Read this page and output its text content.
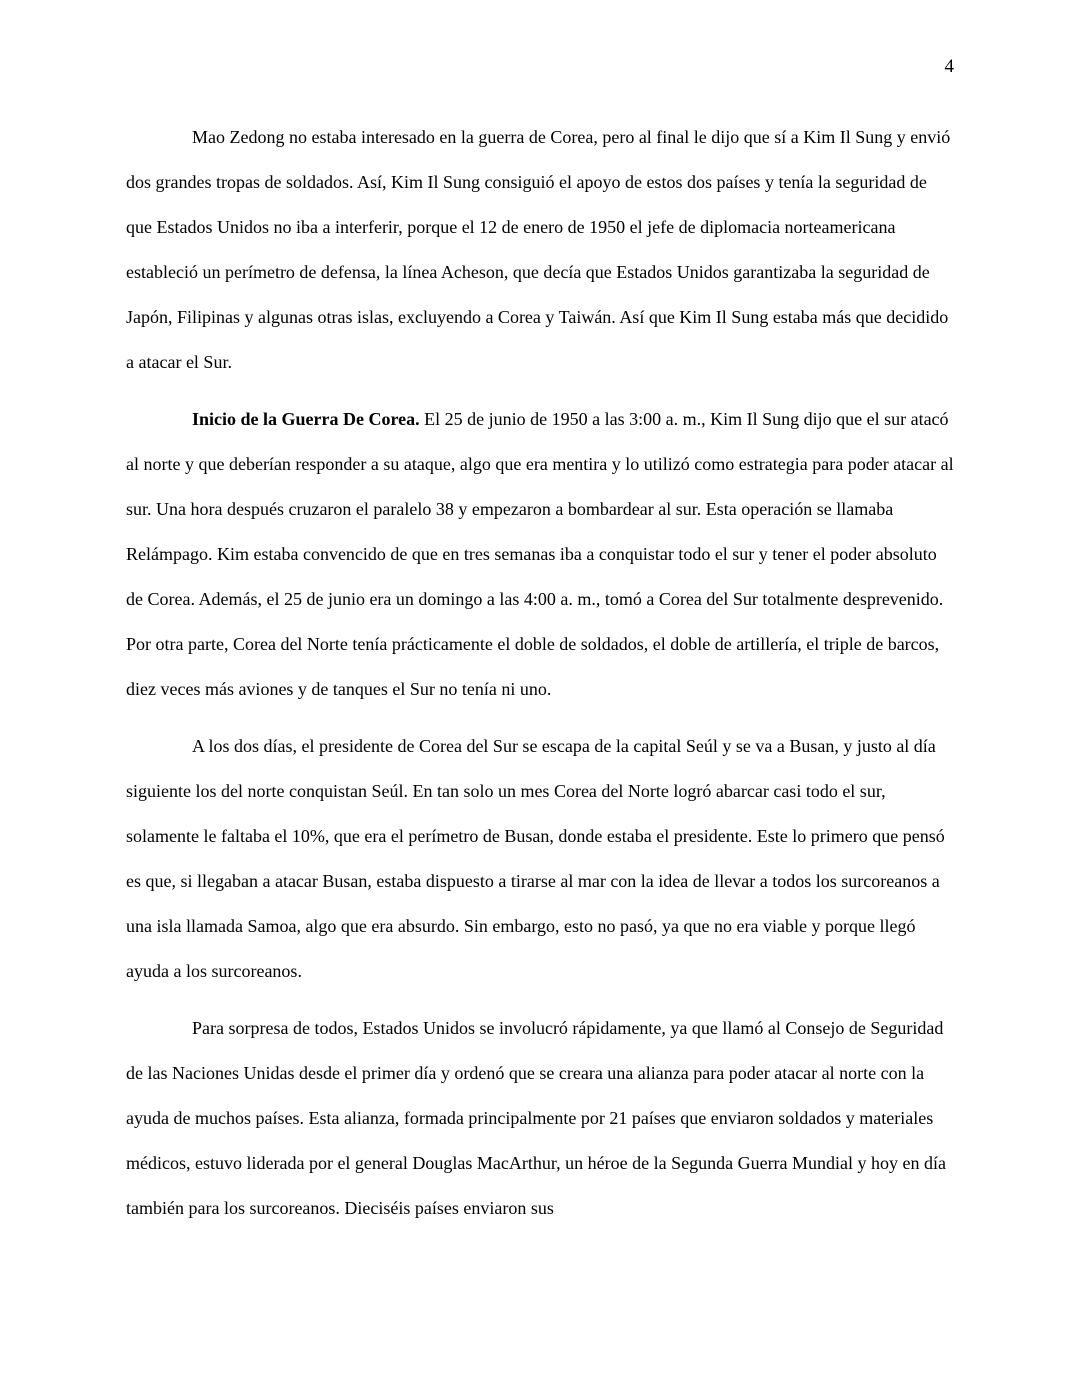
4

Mao Zedong no estaba interesado en la guerra de Corea, pero al final le dijo que sí a Kim Il Sung y envió dos grandes tropas de soldados. Así, Kim Il Sung consiguió el apoyo de estos dos países y tenía la seguridad de que Estados Unidos no iba a interferir, porque el 12 de enero de 1950 el jefe de diplomacia norteamericana estableció un perímetro de defensa, la línea Acheson, que decía que Estados Unidos garantizaba la seguridad de Japón, Filipinas y algunas otras islas, excluyendo a Corea y Taiwán. Así que Kim Il Sung estaba más que decidido a atacar el Sur.

Inicio de la Guerra De Corea. El 25 de junio de 1950 a las 3:00 a. m., Kim Il Sung dijo que el sur atacó al norte y que deberían responder a su ataque, algo que era mentira y lo utilizó como estrategia para poder atacar al sur. Una hora después cruzaron el paralelo 38 y empezaron a bombardear al sur. Esta operación se llamaba Relámpago. Kim estaba convencido de que en tres semanas iba a conquistar todo el sur y tener el poder absoluto de Corea. Además, el 25 de junio era un domingo a las 4:00 a. m., tomó a Corea del Sur totalmente desprevenido. Por otra parte, Corea del Norte tenía prácticamente el doble de soldados, el doble de artillería, el triple de barcos, diez veces más aviones y de tanques el Sur no tenía ni uno.

A los dos días, el presidente de Corea del Sur se escapa de la capital Seúl y se va a Busan, y justo al día siguiente los del norte conquistan Seúl. En tan solo un mes Corea del Norte logró abarcar casi todo el sur, solamente le faltaba el 10%, que era el perímetro de Busan, donde estaba el presidente. Este lo primero que pensó es que, si llegaban a atacar Busan, estaba dispuesto a tirarse al mar con la idea de llevar a todos los surcoreanos a una isla llamada Samoa, algo que era absurdo. Sin embargo, esto no pasó, ya que no era viable y porque llegó ayuda a los surcoreanos.

Para sorpresa de todos, Estados Unidos se involucró rápidamente, ya que llamó al Consejo de Seguridad de las Naciones Unidas desde el primer día y ordenó que se creara una alianza para poder atacar al norte con la ayuda de muchos países. Esta alianza, formada principalmente por 21 países que enviaron soldados y materiales médicos, estuvo liderada por el general Douglas MacArthur, un héroe de la Segunda Guerra Mundial y hoy en día también para los surcoreanos. Dieciséis países enviaron sus
